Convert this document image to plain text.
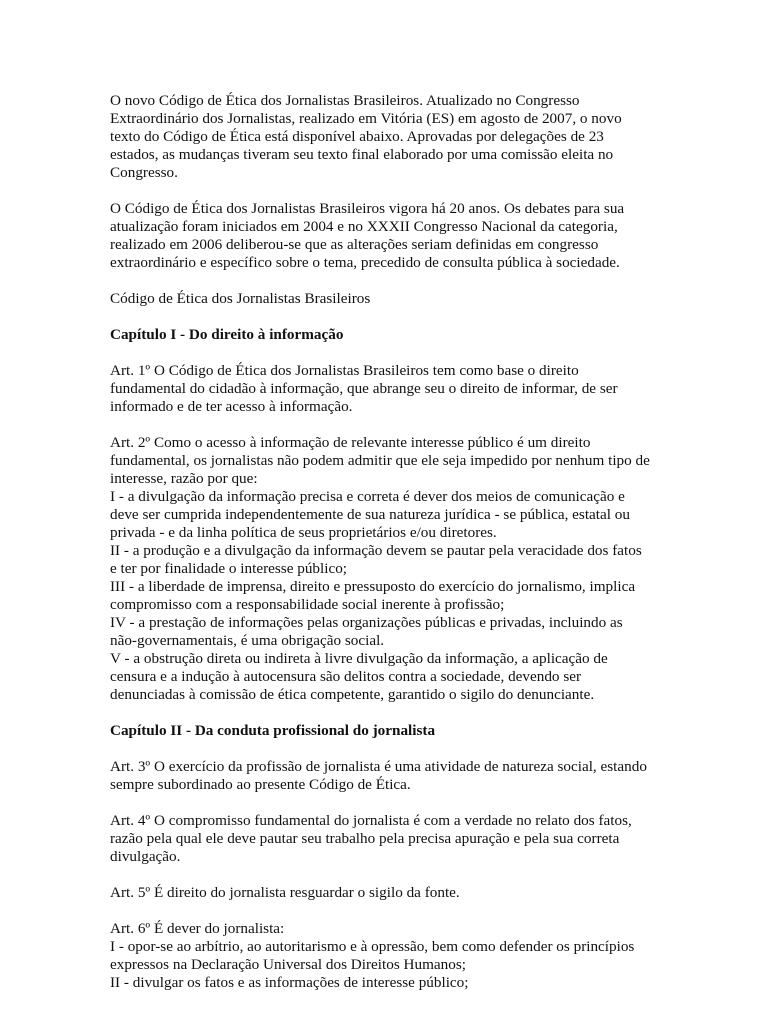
O novo Código de Ética dos Jornalistas Brasileiros. Atualizado no Congresso Extraordinário dos Jornalistas, realizado em Vitória (ES) em agosto de 2007, o novo texto do Código de Ética está disponível abaixo. Aprovadas por delegações de 23 estados, as mudanças tiveram seu texto final elaborado por uma comissão eleita no Congresso.

O Código de Ética dos Jornalistas Brasileiros vigora há 20 anos. Os debates para sua atualização foram iniciados em 2004 e no XXXII Congresso Nacional da categoria, realizado em 2006 deliberou-se que as alterações seriam definidas em congresso extraordinário e específico sobre o tema, precedido de consulta pública à sociedade.

Código de Ética dos Jornalistas Brasileiros

Capítulo I - Do direito à informação

Art. 1º O Código de Ética dos Jornalistas Brasileiros tem como base o direito fundamental do cidadão à informação, que abrange seu o direito de informar, de ser informado e de ter acesso à informação.

Art. 2º Como o acesso à informação de relevante interesse público é um direito fundamental, os jornalistas não podem admitir que ele seja impedido por nenhum tipo de interesse, razão por que:
I - a divulgação da informação precisa e correta é dever dos meios de comunicação e deve ser cumprida independentemente de sua natureza jurídica - se pública, estatal ou privada - e da linha política de seus proprietários e/ou diretores.
II - a produção e a divulgação da informação devem se pautar pela veracidade dos fatos e ter por finalidade o interesse público;
III - a liberdade de imprensa, direito e pressuposto do exercício do jornalismo, implica compromisso com a responsabilidade social inerente à profissão;
IV - a prestação de informações pelas organizações públicas e privadas, incluindo as não-governamentais, é uma obrigação social.
V - a obstrução direta ou indireta à livre divulgação da informação, a aplicação de censura e a indução à autocensura são delitos contra a sociedade, devendo ser denunciadas à comissão de ética competente, garantido o sigilo do denunciante.

Capítulo II - Da conduta profissional do jornalista

Art. 3º O exercício da profissão de jornalista é uma atividade de natureza social, estando sempre subordinado ao presente Código de Ética.

Art. 4º O compromisso fundamental do jornalista é com a verdade no relato dos fatos, razão pela qual ele deve pautar seu trabalho pela precisa apuração e pela sua correta divulgação.

Art. 5º É direito do jornalista resguardar o sigilo da fonte.

Art. 6º É dever do jornalista:
I - opor-se ao arbítrio, ao autoritarismo e à opressão, bem como defender os princípios expressos na Declaração Universal dos Direitos Humanos;
II - divulgar os fatos e as informações de interesse público;
